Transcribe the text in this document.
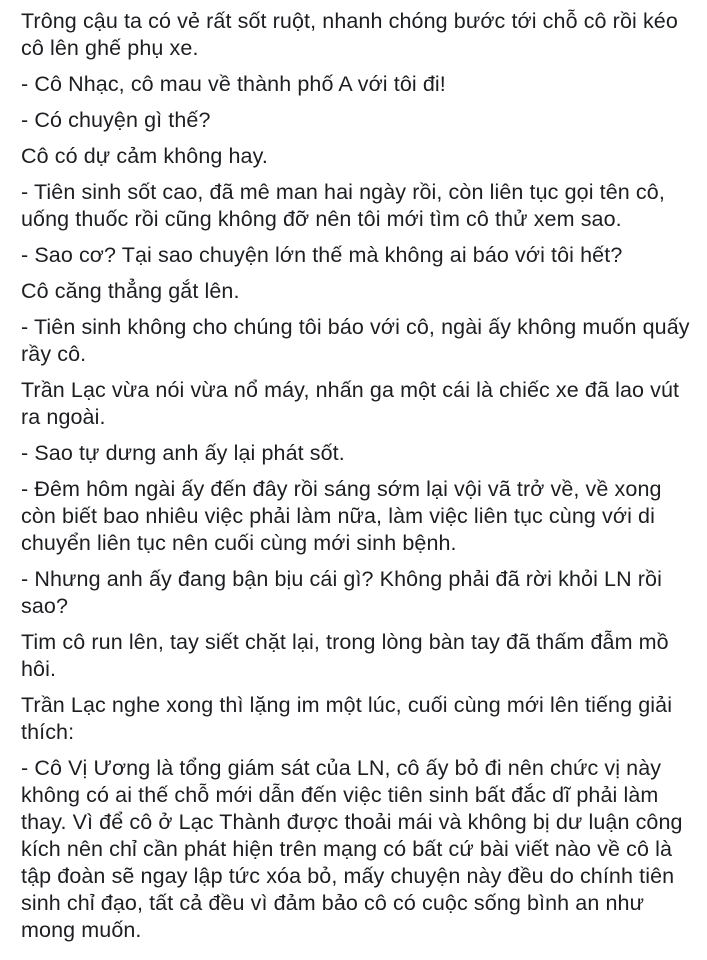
Trông cậu ta có vẻ rất sốt ruột, nhanh chóng bước tới chỗ cô rồi kéo cô lên ghế phụ xe.

- Cô Nhạc, cô mau về thành phố A với tôi đi!

- Có chuyện gì thế?

Cô có dự cảm không hay.

- Tiên sinh sốt cao, đã mê man hai ngày rồi, còn liên tục gọi tên cô, uống thuốc rồi cũng không đỡ nên tôi mới tìm cô thử xem sao.

- Sao cơ? Tại sao chuyện lớn thế mà không ai báo với tôi hết?

Cô căng thẳng gắt lên.

- Tiên sinh không cho chúng tôi báo với cô, ngài ấy không muốn quấy rầy cô.

Trần Lạc vừa nói vừa nổ máy, nhấn ga một cái là chiếc xe đã lao vút ra ngoài.

- Sao tự dưng anh ấy lại phát sốt.

- Đêm hôm ngài ấy đến đây rồi sáng sớm lại vội vã trở về, về xong còn biết bao nhiêu việc phải làm nữa, làm việc liên tục cùng với di chuyển liên tục nên cuối cùng mới sinh bệnh.

- Nhưng anh ấy đang bận bịu cái gì? Không phải đã rời khỏi LN rồi sao?

Tim cô run lên, tay siết chặt lại, trong lòng bàn tay đã thấm đẫm mồ hôi.

Trần Lạc nghe xong thì lặng im một lúc, cuối cùng mới lên tiếng giải thích:

- Cô Vị Ương là tổng giám sát của LN, cô ấy bỏ đi nên chức vị này không có ai thế chỗ mới dẫn đến việc tiên sinh bất đắc dĩ phải làm thay. Vì để cô ở Lạc Thành được thoải mái và không bị dư luận công kích nên chỉ cần phát hiện trên mạng có bất cứ bài viết nào về cô là tập đoàn sẽ ngay lập tức xóa bỏ, mấy chuyện này đều do chính tiên sinh chỉ đạo, tất cả đều vì đảm bảo cô có cuộc sống bình an như mong muốn.
